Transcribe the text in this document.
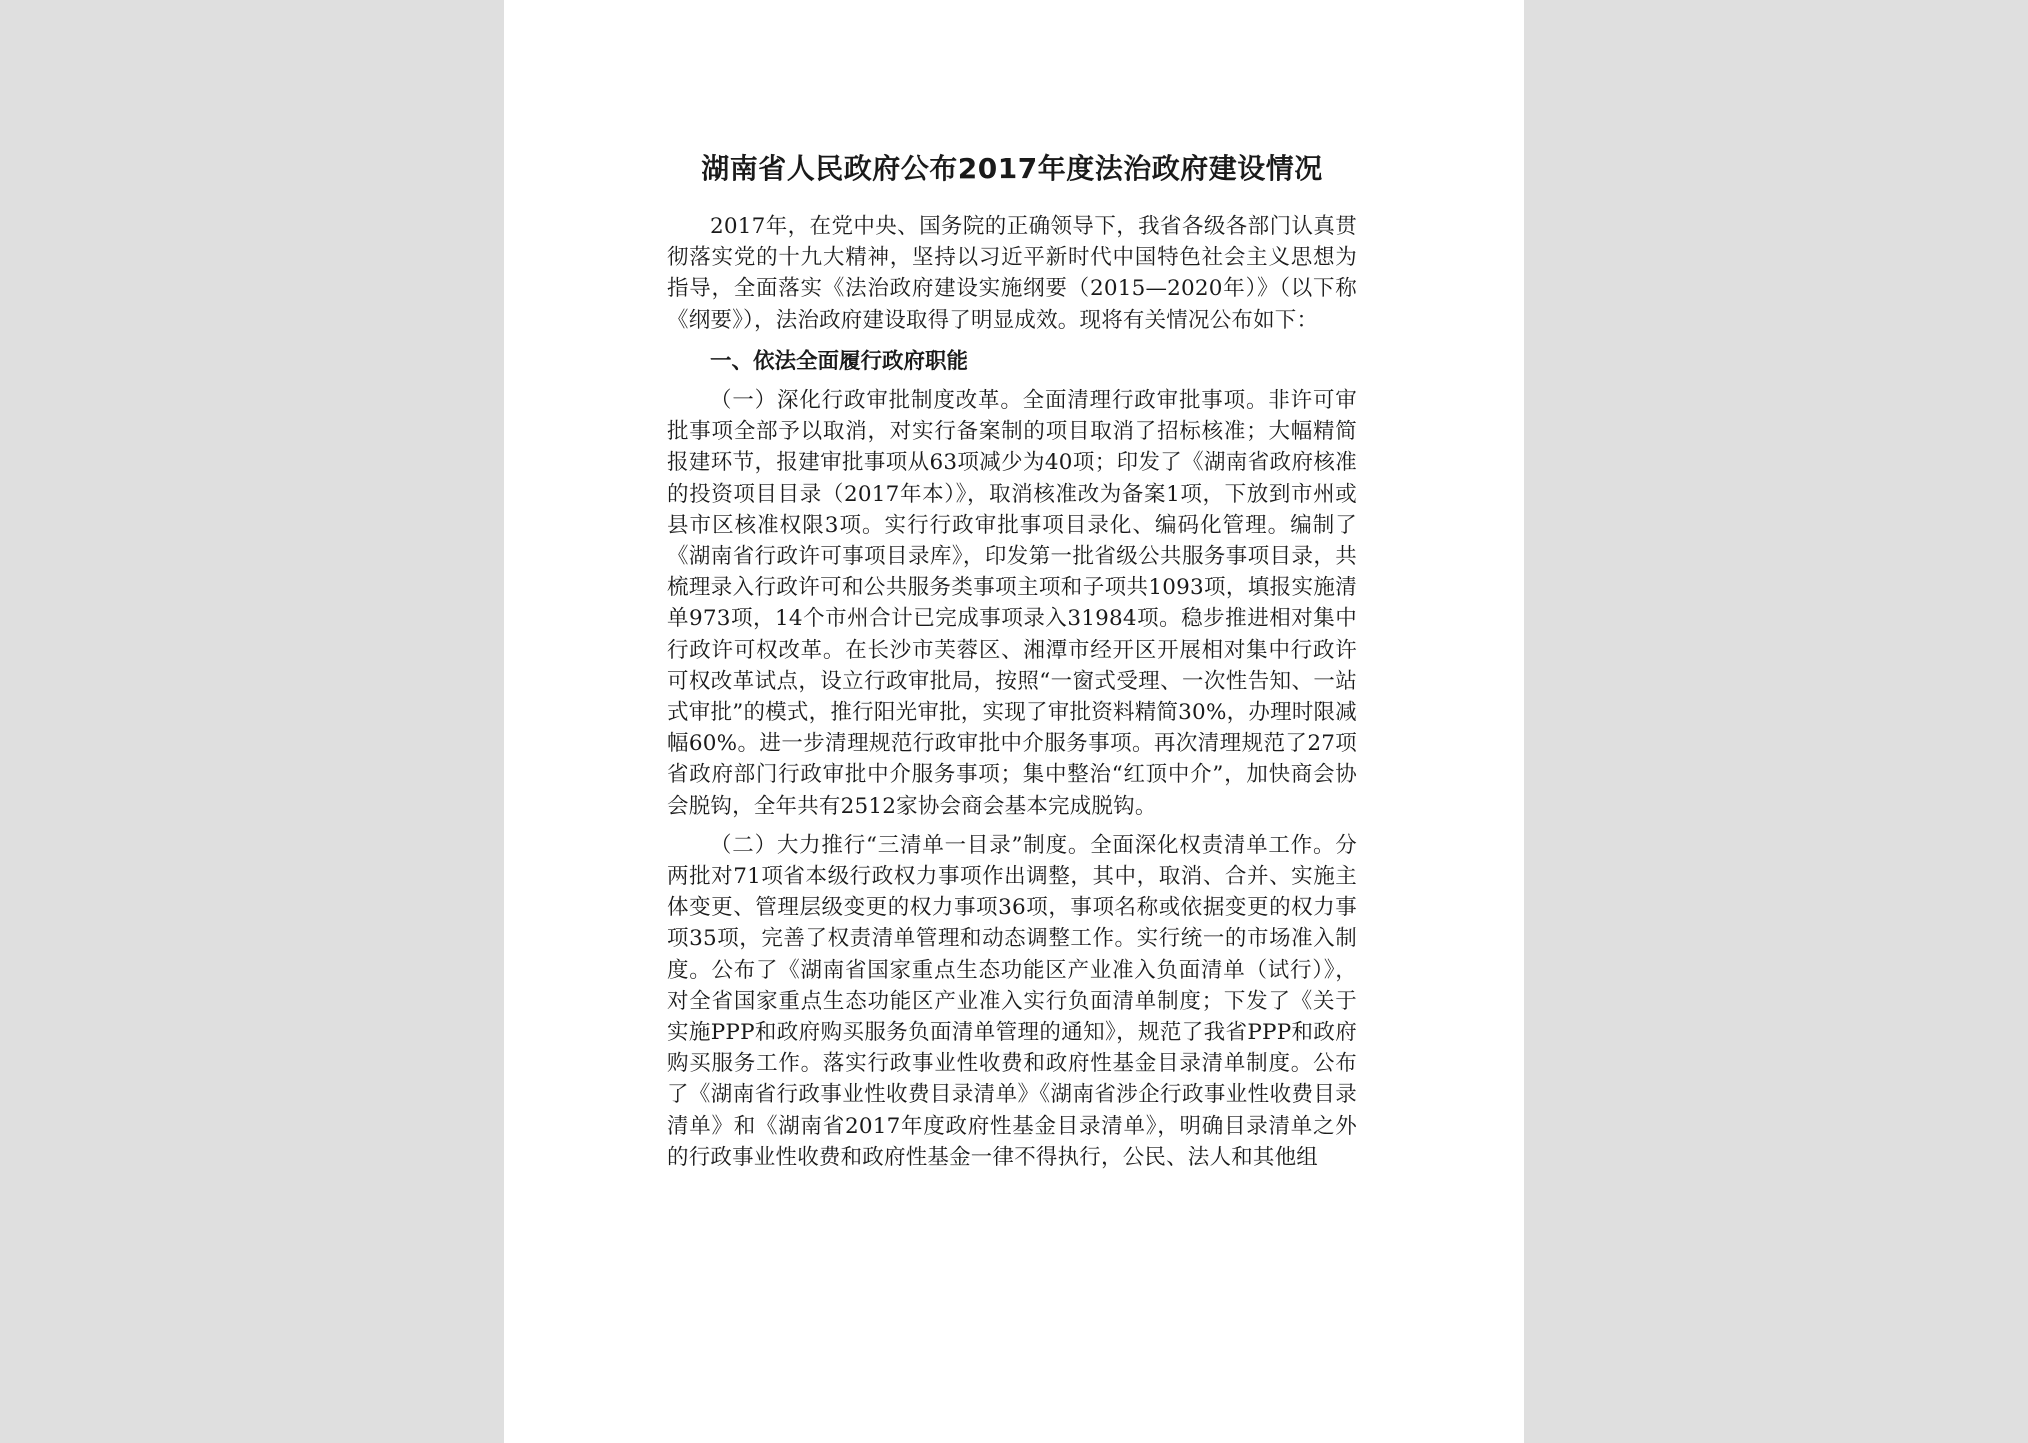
湖南省人民政府公布2017年度法治政府建设情况

2017年，在党中央、国务院的正确领导下，我省各级各部门认真贯彻落实党的十九大精神，坚持以习近平新时代中国特色社会主义思想为指导，全面落实《法治政府建设实施纲要（2015—2020年）》（以下称《纲要》），法治政府建设取得了明显成效。现将有关情况公布如下：

一、依法全面履行政府职能

（一）深化行政审批制度改革。全面清理行政审批事项。非许可审批事项全部予以取消，对实行备案制的项目取消了招标核准；大幅精简报建环节，报建审批事项从63项减少为40项；印发了《湖南省政府核准的投资项目目录（2017年本）》，取消核准改为备案1项，下放到市州或县市区核准权限3项。实行行政审批事项目录化、编码化管理。编制了《湖南省行政许可事项目录库》，印发第一批省级公共服务事项目录，共梳理录入行政许可和公共服务类事项主项和子项共1093项，填报实施清单973项，14个市州合计已完成事项录入31984项。稳步推进相对集中行政许可权改革。在长沙市芙蓉区、湘潭市经开区开展相对集中行政许可权改革试点，设立行政审批局，按照“一窗式受理、一次性告知、一站式审批”的模式，推行阳光审批，实现了审批资料精简30%，办理时限减幅60%。进一步清理规范行政审批中介服务事项。再次清理规范了27项省政府部门行政审批中介服务事项；集中整治“红顶中介”，加快商会协会脱钩，全年共有2512家协会商会基本完成脱钩。

（二）大力推行“三清单一目录”制度。全面深化权责清单工作。分两批对71项省本级行政权力事项作出调整，其中，取消、合并、实施主体变更、管理层级变更的权力事项36项，事项名称或依据变更的权力事项35项，完善了权责清单管理和动态调整工作。实行统一的市场准入制度。公布了《湖南省国家重点生态功能区产业准入负面清单（试行）》，对全省国家重点生态功能区产业准入实行负面清单制度；下发了《关于实施PPP和政府购买服务负面清单管理的通知》，规范了我省PPP和政府购买服务工作。落实行政事业性收费和政府性基金目录清单制度。公布了《湖南省行政事业性收费目录清单》《湖南省涉企行政事业性收费目录清单》和《湖南省2017年度政府性基金目录清单》，明确目录清单之外的行政事业性收费和政府性基金一律不得执行，公民、法人和其他组
